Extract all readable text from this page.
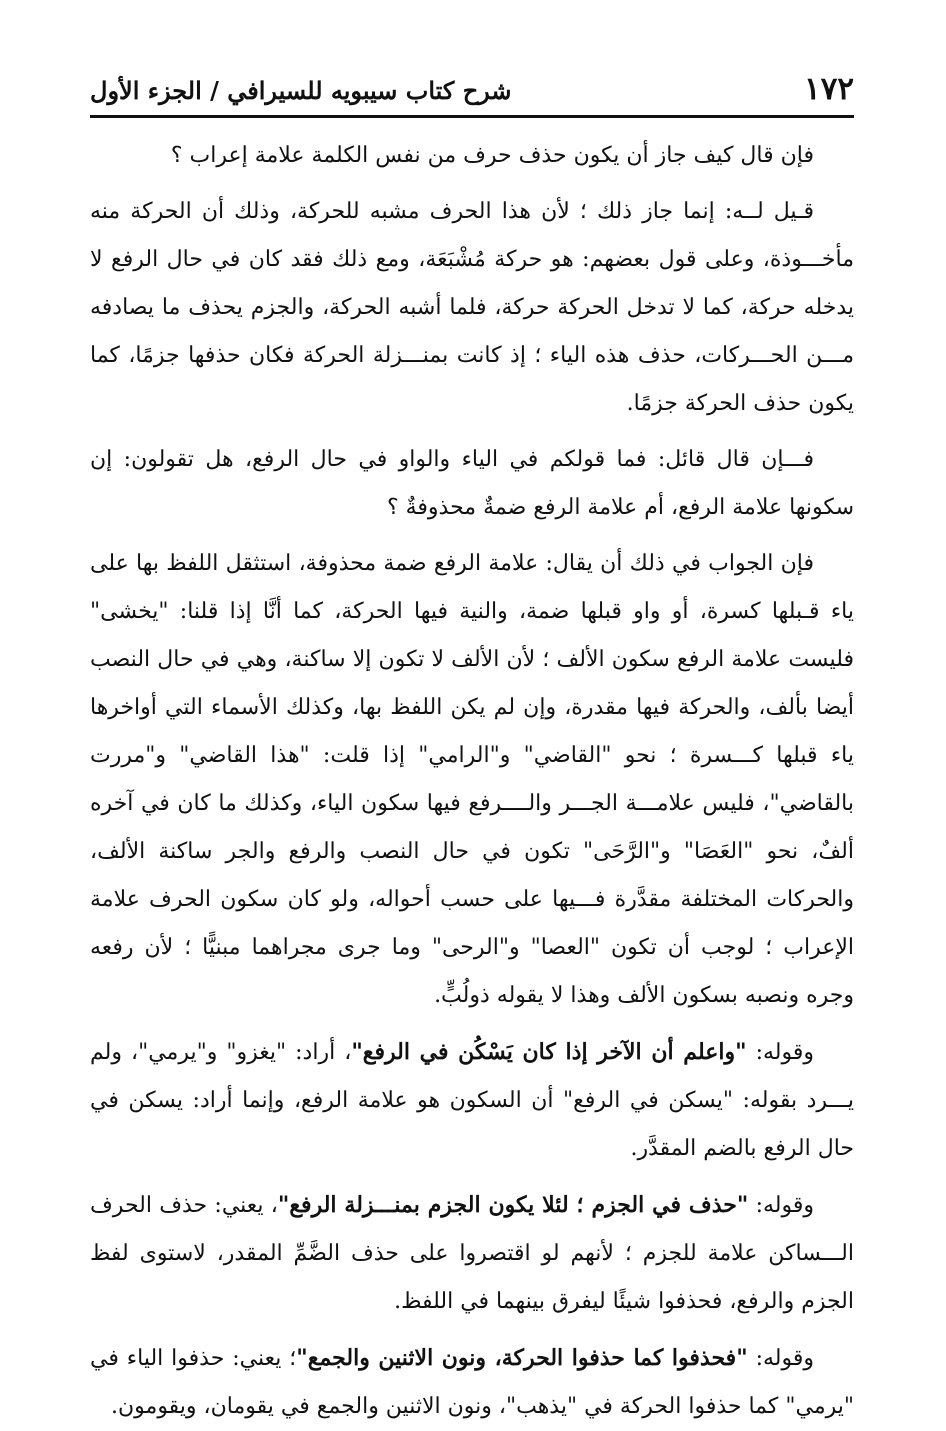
١٧٢
شرح كتاب سيبويه للسيرافي / الجزء الأول

فإن قال كيف جاز أن يكون حذف حرف من نفس الكلمة علامة إعراب ؟

قـيل لــه: إنما جاز ذلك ؛ لأن هذا الحرف مشبه للحركة، وذلك أن الحركة منه مأخـــوذة، وعلى قول بعضهم: هو حركة مُشْبَعَة، ومع ذلك فقد كان في حال الرفع لا يدخله حركة، كما لا تدخل الحركة حركة، فلما أشبه الحركة، والجزم يحذف ما يصادفه مـــن الحـــركات، حذف هذه الياء ؛ إذ كانت بمنـــزلة الحركة فكان حذفها جزمًا، كما يكون حذف الحركة جزمًا.

فـــإن قال قائل: فما قولكم في الياء والواو في حال الرفع، هل تقولون: إن سكونها علامة الرفع، أم علامة الرفع ضمةٌ محذوفةٌ ؟

فإن الجواب في ذلك أن يقال: علامة الرفع ضمة محذوفة، استثقل اللفظ بها على ياء قـبلها كسرة، أو واو قبلها ضمة، والنية فيها الحركة، كما أنَّا إذا قلنا: "يخشى" فليست علامة الرفع سكون الألف ؛ لأن الألف لا تكون إلا ساكنة، وهي في حال النصب أيضا بألف، والحركة فيها مقدرة، وإن لم يكن اللفظ بها، وكذلك الأسماء التي أواخرها ياء قبلها كـــسرة ؛ نحو "القاضي" و"الرامي" إذا قلت: "هذا القاضي" و"مررت بالقاضي"، فليس علامـــة الجـــر والــــرفع فيها سكون الياء، وكذلك ما كان في آخره ألفٌ، نحو "العَصَا" و"الرَّحَى" تكون في حال النصب والرفع والجر ساكنة الألف، والحركات المختلفة مقدَّرة فـــيها على حسب أحواله، ولو كان سكون الحرف علامة الإعراب ؛ لوجب أن تكون "العصا" و"الرحى" وما جرى مجراهما مبنيًّا ؛ لأن رفعه وجره ونصبه بسكون الألف وهذا لا يقوله ذولُبٍّ.

وقوله: "واعلم أن الآخر إذا كان يَسْكُن في الرفع"، أراد: "يغزو" و"يرمي"، ولم يـــرد بقوله: "يسكن في الرفع" أن السكون هو علامة الرفع، وإنما أراد: يسكن في حال الرفع بالضم المقدَّر.

وقوله: "حذف في الجزم ؛ لئلا يكون الجزم بمنـــزلة الرفع"، يعني: حذف الحرف الـــساكن علامة للجزم ؛ لأنهم لو اقتصروا على حذف الضَّمِّ المقدر، لاستوى لفظ الجزم والرفع، فحذفوا شيئًا ليفرق بينهما في اللفظ.

وقوله: "فحذفوا كما حذفوا الحركة، ونون الاثنين والجمع"؛ يعني: حذفوا الياء في "يرمي" كما حذفوا الحركة في "يذهب"، ونون الاثنين والجمع في يقومان، ويقومون.
